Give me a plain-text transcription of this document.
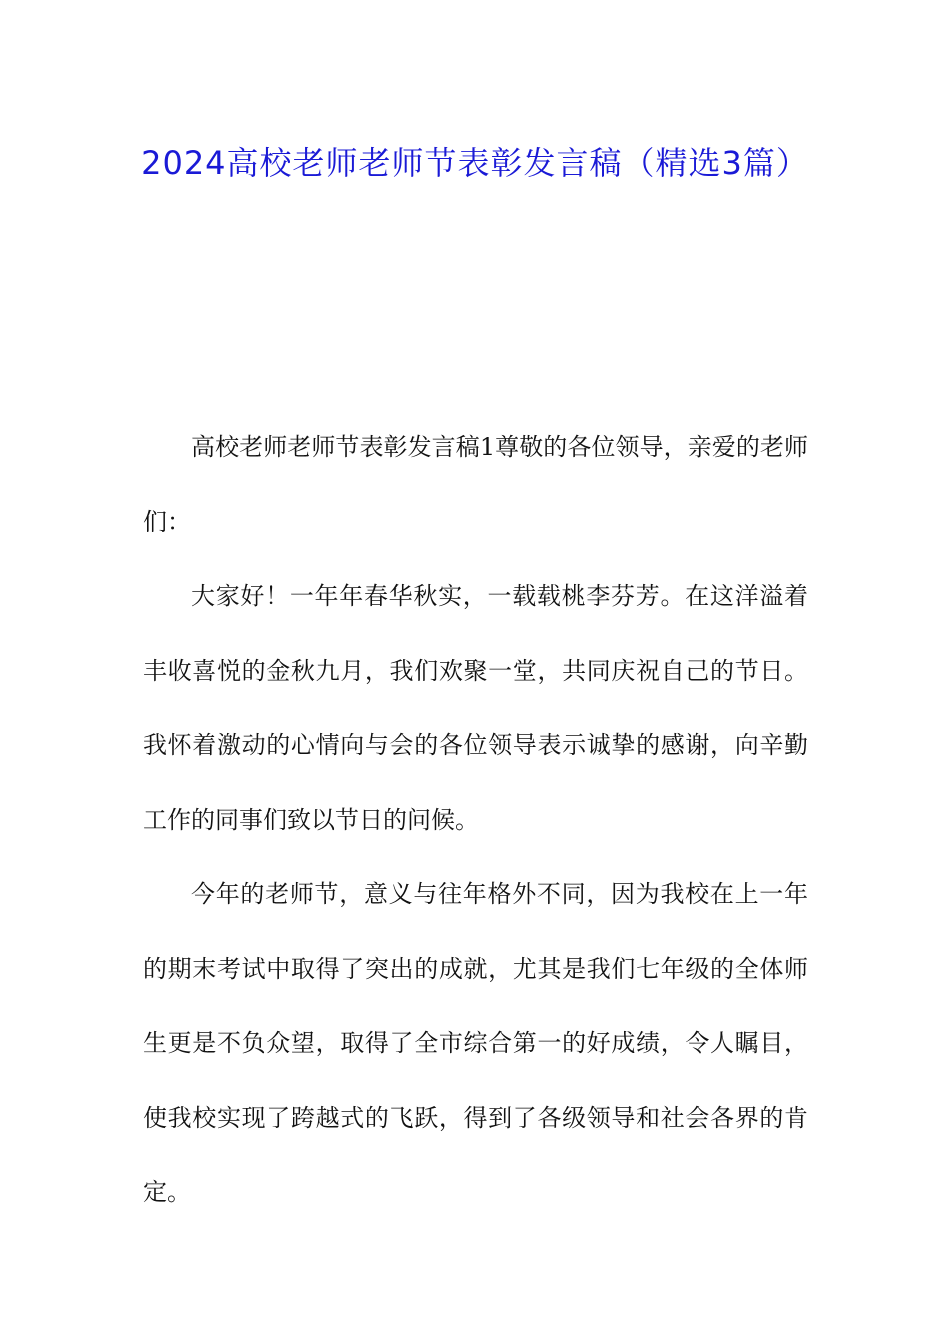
2024高校老师老师节表彰发言稿（精选3篇）

高校老师老师节表彰发言稿1尊敬的各位领导，亲爱的老师们：

大家好！一年年春华秋实，一载载桃李芬芳。在这洋溢着丰收喜悦的金秋九月，我们欢聚一堂，共同庆祝自己的节日。我怀着激动的心情向与会的各位领导表示诚挚的感谢，向辛勤工作的同事们致以节日的问候。

今年的老师节，意义与往年格外不同，因为我校在上一年的期末考试中取得了突出的成就，尤其是我们七年级的全体师生更是不负众望，取得了全市综合第一的好成绩，令人瞩目，使我校实现了跨越式的飞跃，得到了各级领导和社会各界的肯定。
